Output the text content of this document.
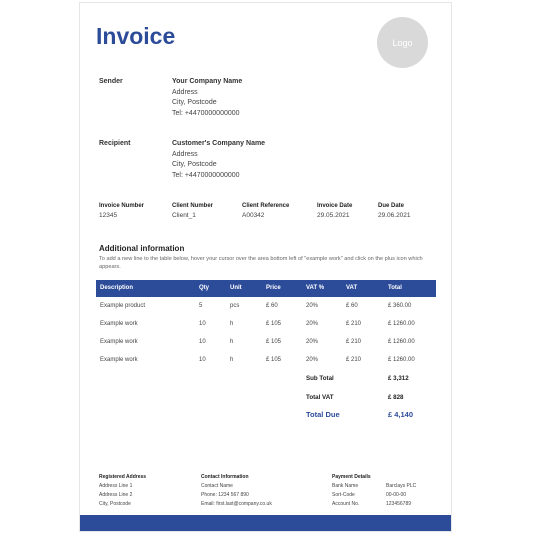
Invoice	Logo
Sender	Your Company Name
Address
City, Postcode
Tel: +4470000000000
Recipient	Customer's Company Name
Address
City, Postcode
Tel: +4470000000000
Invoice Number
12345
Client Number
Client_1
Client Reference
A00342
Invoice Date
29.05.2021
Due Date
29.06.2021
Additional information
To add a new line to the table below, hover your cursor over the area bottom left of "example work" and click on the plus icon which appears.
Description	Qty	Unit	Price	VAT %	VAT	Total
Example product	5	pcs	£ 60	20%	£ 60	£ 360.00
Example work	10	h	£ 105	20%	£ 210	£ 1260.00
Example work	10	h	£ 105	20%	£ 210	£ 1260.00
Example work	10	h	£ 105	20%	£ 210	£ 1260.00
Sub Total	£ 3,312
Total VAT	£ 828
Total Due	£ 4,140
Registered Address
Address Line 1
Address Line 2
City, Postcode
Contact Information
Contact Name
Phone: 1234 567 890
Email: first.last@company.co.uk
Payment Details
Bank Name	Barclays PLC
Sort-Code	00-00-00
Account No.	123456789
